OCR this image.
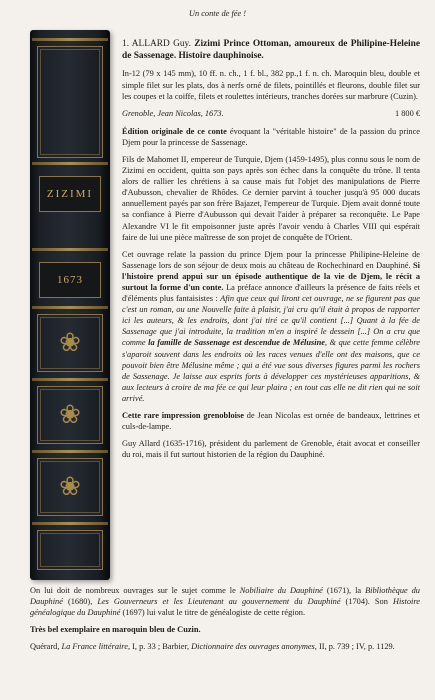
Un conte de fée !
ZIZIMI
1673
❀
❀
❀

1. ALLARD Guy. Zizimi Prince Ottoman, amoureux de Philipine-Heleine de Sassenage. Histoire dauphinoise.

In-12 (79 x 145 mm), 10 ff. n. ch., 1 f. bl., 382 pp.,1 f. n. ch. Maroquin bleu, double et simple filet sur les plats, dos à nerfs orné de filets, pointillés et fleurons, double filet sur les coupes et la coiffe, filets et roulettes intérieurs, tranches dorées sur marbrure (Cuzin).

Grenoble, Jean Nicolas, 1673.	1 800 €

Édition originale de ce conte évoquant la "véritable histoire" de la passion du prince Djem pour la princesse de Sassenage.

Fils de Mahomet II, empereur de Turquie, Djem (1459-1495), plus connu sous le nom de Zizimi en occident, quitta son pays après son échec dans la conquête du trône. Il tenta alors de rallier les chrétiens à sa cause mais fut l'objet des manipulations de Pierre d'Aubusson, chevalier de Rhôdes. Ce dernier parvint à toucher jusqu'à 95 000 ducats annuellement payés par son frère Bajazet, l'empereur de Turquie. Djem avait donné toute sa confiance à Pierre d'Aubusson qui devait l'aider à préparer sa reconquête. Le Pape Alexandre VI le fit empoisonner juste après l'avoir vendu à Charles VIII qui espérait faire de lui une pièce maîtresse de son projet de conquête de l'Orient.

Cet ouvrage relate la passion du prince Djem pour la princesse Philipine-Heleine de Sassenage lors de son séjour de deux mois au château de Rochechinard en Dauphiné. Si l'histoire prend appui sur un épisode authentique de la vie de Djem, le récit a surtout la forme d'un conte. La préface annonce d'ailleurs la présence de faits réels et d'éléments plus fantaisistes : Afin que ceux qui liront cet ouvrage, ne se figurent pas que c'est un roman, ou une Nouvelle faite à plaisir, j'ai cru qu'il était à propos de rapporter ici les auteurs, & les endroits, dont j'ai tiré ce qu'il contient [...] Quant à la fée de Sassenage que j'ai introduite, la tradition m'en a inspiré le dessein [...] On a cru que comme la famille de Sassenage est descendue de Mélusine, & que cette femme célèbre s'aparoit souvent dans les endroits où les races venues d'elle ont des maisons, que ce pouvoit bien être Mélusine même ; qui a été vue sous diverses figures parmi les rochers de Sassenage. Je laisse aux esprits forts à développer ces mystérieuses apparitions, & aux lecteurs à croire de ma fée ce qui leur plaira ; en tout cas elle ne dit rien qui ne soit arrivé.

Cette rare impression grenobloise de Jean Nicolas est ornée de bandeaux, lettrines et culs-de-lampe.

Guy Allard (1635-1716), président du parlement de Grenoble, était avocat et conseiller du roi, mais il fut surtout historien de la région du Dauphiné.

On lui doit de nombreux ouvrages sur le sujet comme le Nobiliaire du Dauphiné (1671), la Bibliothèque du Dauphiné (1680), Les Gouverneurs et les Lieutenant au gouvernement du Dauphiné (1704). Son Histoire généalogique du Dauphiné (1697) lui valut le titre de généalogiste de cette région.

Très bel exemplaire en maroquin bleu de Cuzin.

Quérard, La France littéraire, I, p. 33 ; Barbier, Dictionnaire des ouvrages anonymes, II, p. 739 ; IV, p. 1129.
